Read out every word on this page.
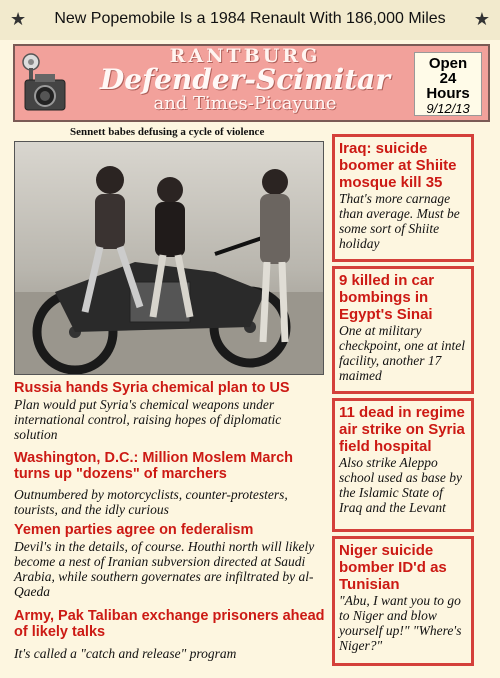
★	New Popemobile Is a 1984 Renault With 186,000 Miles	★
RANTBURG
Defender-Scimitar
and Times-Picayune
Open
24
Hours
9/12/13
Sennett babes defusing a cycle of violence
Russia hands Syria chemical plan to US
Plan would put Syria's chemical weapons under international control, raising hopes of diplomatic solution
Washington, D.C.: Million Moslem March turns up "dozens" of marchers
Outnumbered by motorcyclists, counter-protesters, tourists, and the idly curious
Yemen parties agree on federalism
Devil's in the details, of course. Houthi north will likely become a nest of Iranian subversion directed at Saudi Arabia, while southern governates are infiltrated by al-Qaeda
Army, Pak Taliban exchange prisoners ahead of likely talks
It's called a "catch and release" program
Iraq: suicide boomer at Shiite mosque kill 35
That's more carnage than average. Must be some sort of Shiite holiday
9 killed in car bombings in Egypt's Sinai
One at military checkpoint, one at intel facility, another 17 maimed
11 dead in regime air strike on Syria field hospital
Also strike Aleppo school used as base by the Islamic State of Iraq and the Levant
Niger suicide bomber ID'd as Tunisian
"Abu, I want you to go to Niger and blow yourself up!" "Where's Niger?"
